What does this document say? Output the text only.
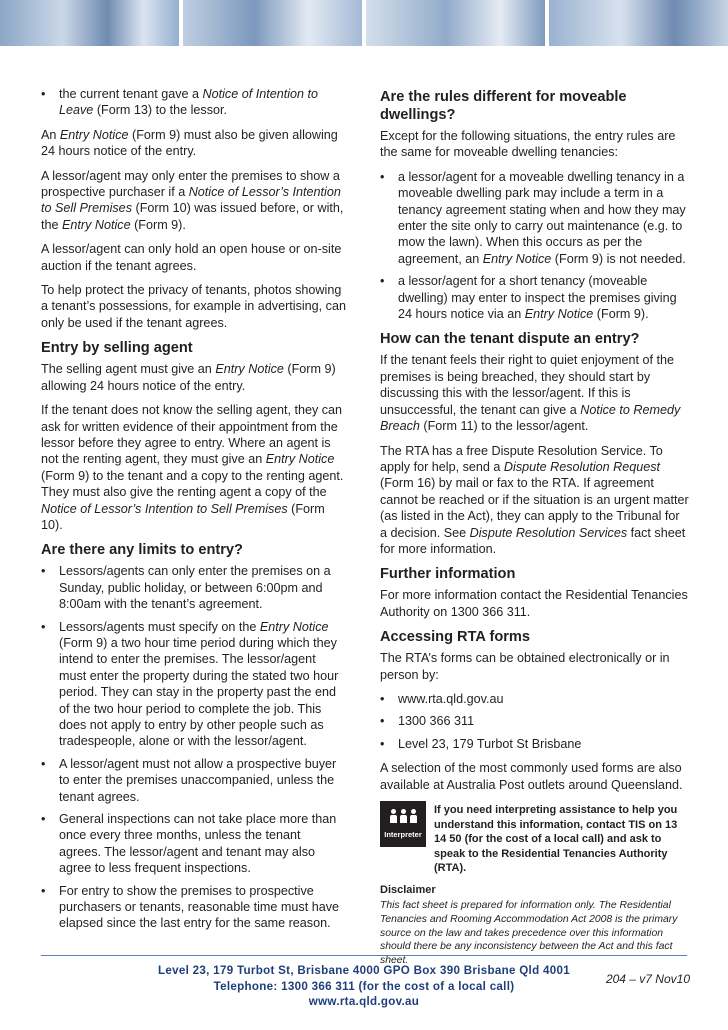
• the current tenant gave a Notice of Intention to Leave (Form 13) to the lessor.

An Entry Notice (Form 9) must also be given allowing 24 hours notice of the entry.

A lessor/agent may only enter the premises to show a prospective purchaser if a Notice of Lessor’s Intention to Sell Premises (Form 10) was issued before, or with, the Entry Notice (Form 9).

A lessor/agent can only hold an open house or on-site auction if the tenant agrees.

To help protect the privacy of tenants, photos showing a tenant’s possessions, for example in advertising, can only be used if the tenant agrees.

Entry by selling agent

The selling agent must give an Entry Notice (Form 9) allowing 24 hours notice of the entry.

If the tenant does not know the selling agent, they can ask for written evidence of their appointment from the lessor before they agree to entry. Where an agent is not the renting agent, they must give an Entry Notice (Form 9) to the tenant and a copy to the renting agent. They must also give the renting agent a copy of the Notice of Lessor’s Intention to Sell Premises (Form 10).

Are there any limits to entry?
• Lessors/agents can only enter the premises on a Sunday, public holiday, or between 6:00pm and 8:00am with the tenant’s agreement.
• Lessors/agents must specify on the Entry Notice (Form 9) a two hour time period during which they intend to enter the premises. The lessor/agent must enter the property during the stated two hour period. They can stay in the property past the end of the two hour period to complete the job. This does not apply to entry by other people such as tradespeople, alone or with the lessor/agent.
• A lessor/agent must not allow a prospective buyer to enter the premises unaccompanied, unless the tenant agrees.
• General inspections can not take place more than once every three months, unless the tenant agrees. The lessor/agent and tenant may also agree to less frequent inspections.
• For entry to show the premises to prospective purchasers or tenants, reasonable time must have elapsed since the last entry for the same reason.
Are the rules different for moveable dwellings?

Except for the following situations, the entry rules are the same for moveable dwelling tenancies:

• a lessor/agent for a moveable dwelling tenancy in a moveable dwelling park may include a term in a tenancy agreement stating when and how they may enter the site only to carry out maintenance (e.g. to mow the lawn). When this occurs as per the agreement, an Entry Notice (Form 9) is not needed.
• a lessor/agent for a short tenancy (moveable dwelling) may enter to inspect the premises giving 24 hours notice via an Entry Notice (Form 9).
How can the tenant dispute an entry?

If the tenant feels their right to quiet enjoyment of the premises is being breached, they should start by discussing this with the lessor/agent. If this is unsuccessful, the tenant can give a Notice to Remedy Breach (Form 11) to the lessor/agent.

The RTA has a free Dispute Resolution Service. To apply for help, send a Dispute Resolution Request (Form 16) by mail or fax to the RTA. If agreement cannot be reached or if the situation is an urgent matter (as listed in the Act), they can apply to the Tribunal for a decision. See Dispute Resolution Services fact sheet for more information.

Further information

For more information contact the Residential Tenancies Authority on 1300 366 311.

Accessing RTA forms

The RTA’s forms can be obtained electronically or in person by:

• www.rta.qld.gov.au
• 1300 366 311
• Level 23, 179 Turbot St Brisbane

A selection of the most commonly used forms are also available at Australia Post outlets around Queensland.

Interpreter
If you need interpreting assistance to help you understand this information, contact TIS on 13 14 50 (for the cost of a local call) and ask to speak to the Residential Tenancies Authority (RTA).
Disclaimer

This fact sheet is prepared for information only. The Residential Tenancies and Rooming Accommodation Act 2008 is the primary source on the law and takes precedence over this information should there be any inconsistency between the Act and this fact sheet.

204 – v7 Nov10
Level 23, 179 Turbot St, Brisbane 4000 GPO Box 390 Brisbane Qld 4001
Telephone: 1300 366 311 (for the cost of a local call)
www.rta.qld.gov.au
